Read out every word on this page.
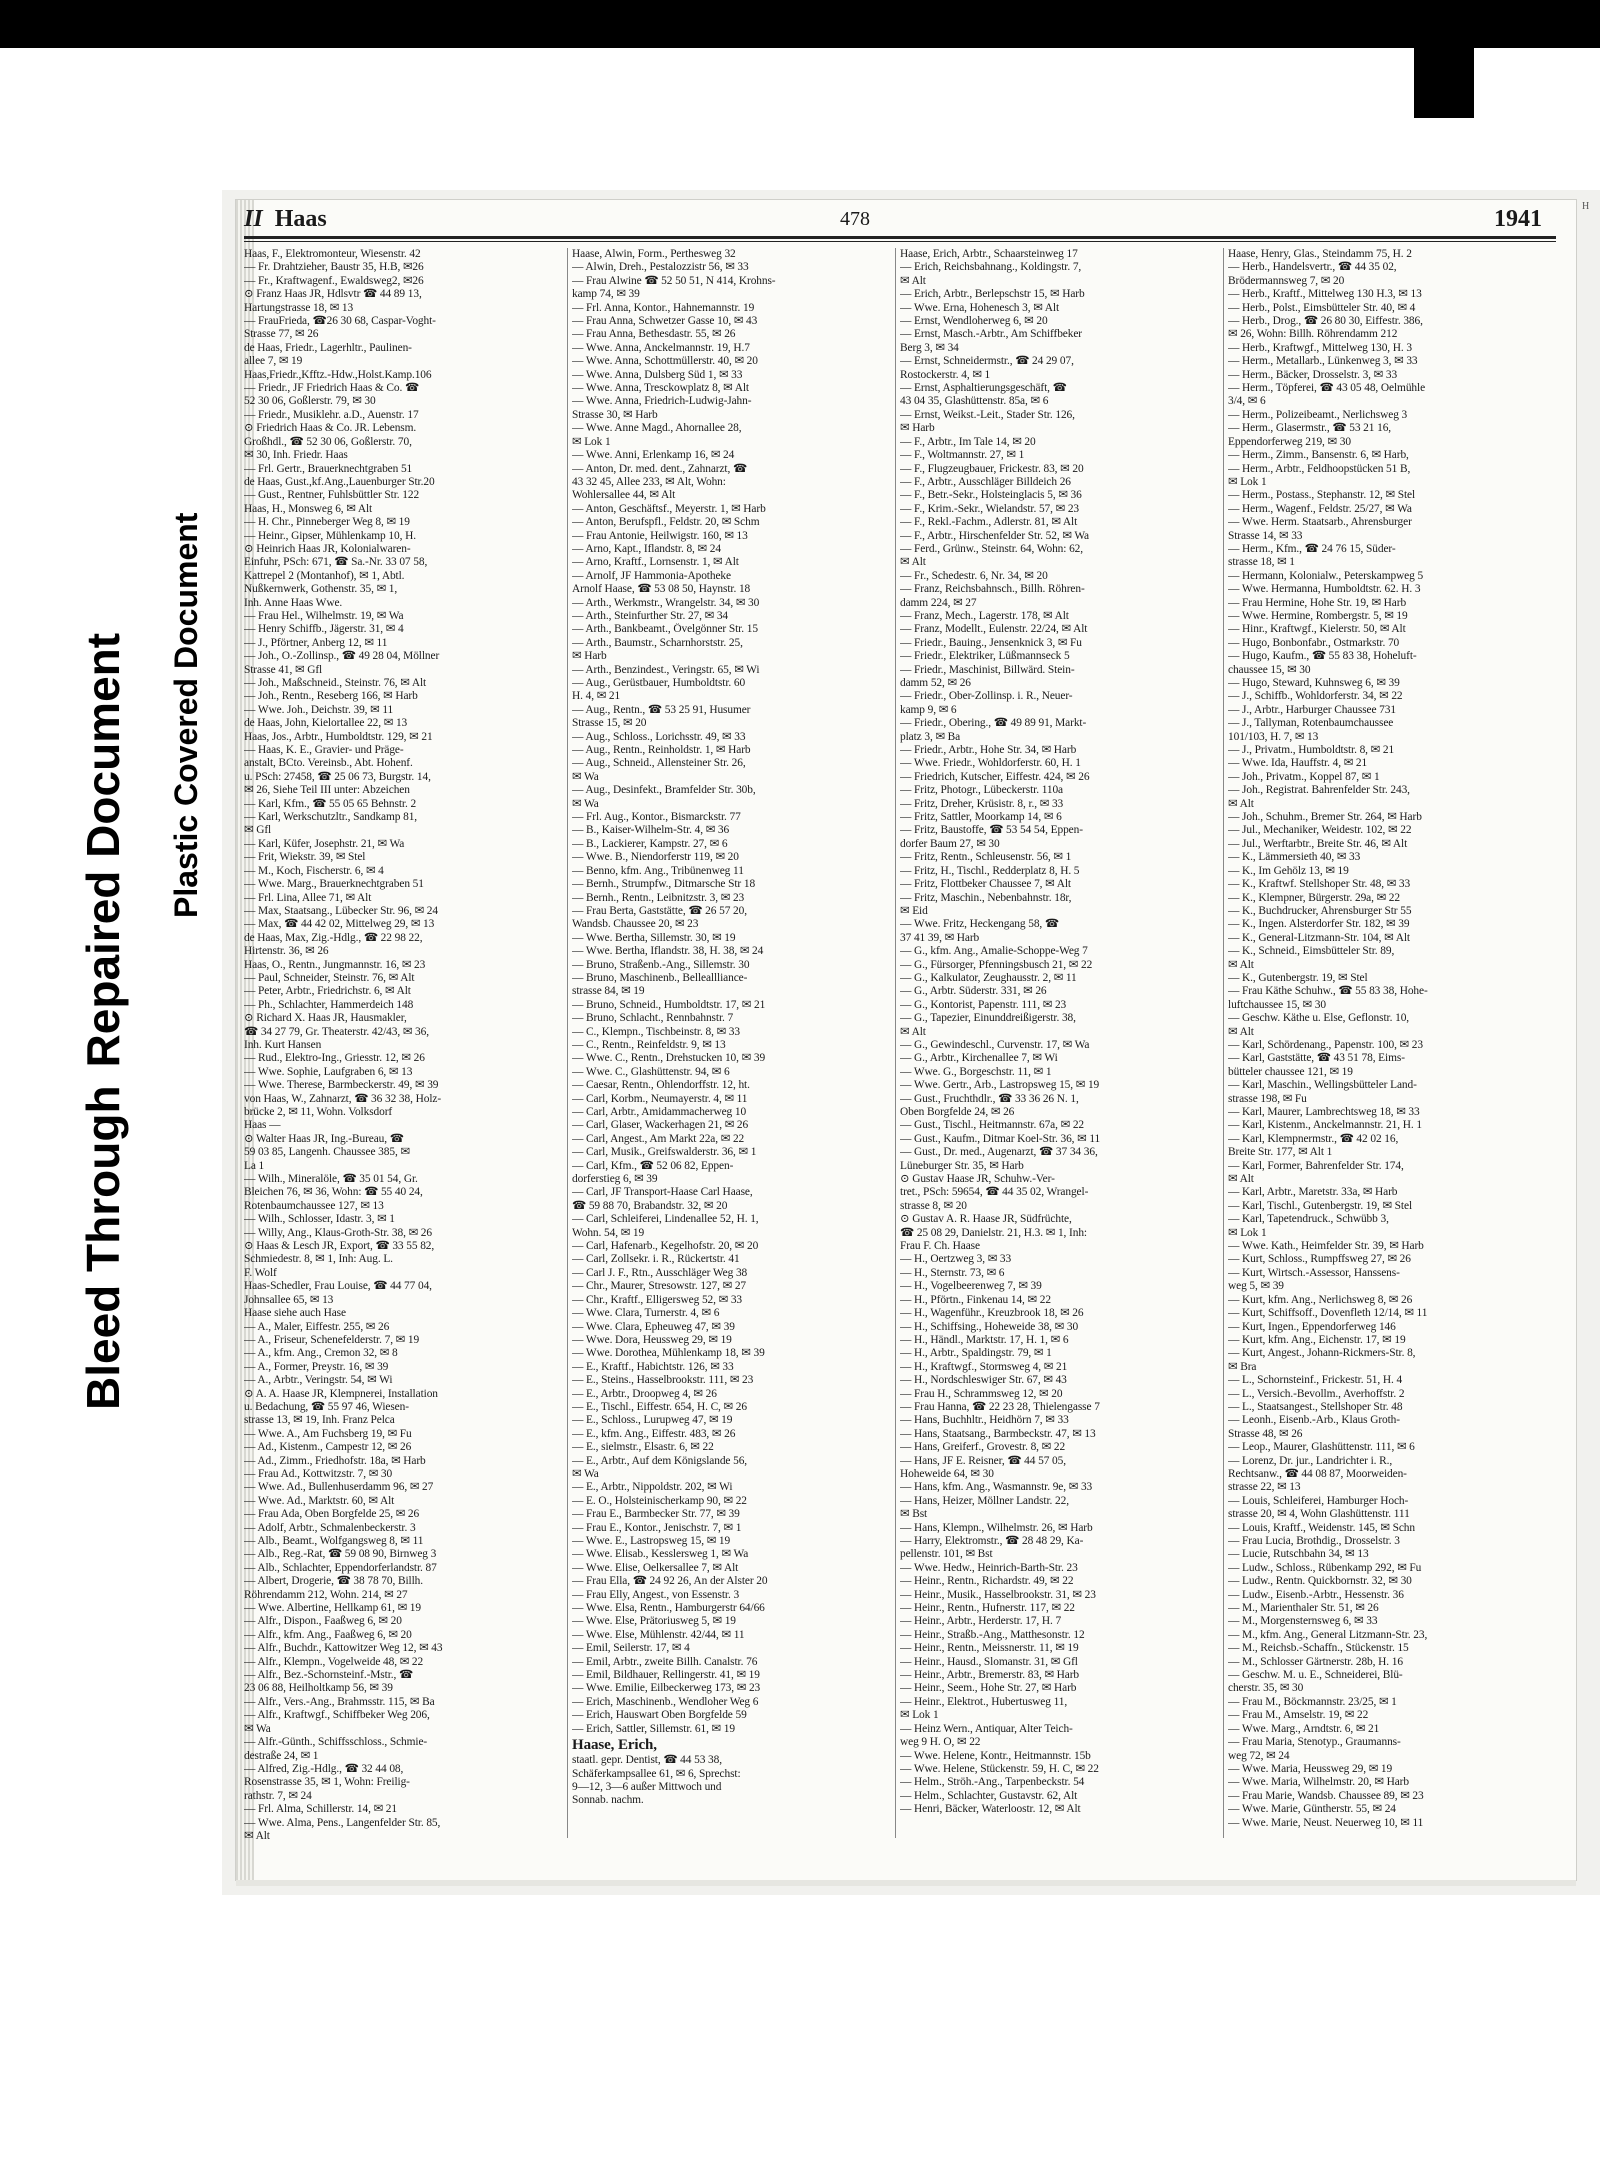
Bleed ThroughRepaired Document Plastic Covered Document
H
II Haas	478	1941
Haas, F., Elektromonteur, Wiesenstr. 42
— Fr. Drahtzieher, Baustr 35, H.B, ✉26
— Fr., Kraftwagenf., Ewaldsweg2, ✉26
⊙ Franz Haas JR, Hdlsvtr ☎ 44 89 13,
Hartungstrasse 18, ✉ 13
— FrauFrieda, ☎26 30 68, Caspar-Voght-
Strasse 77, ✉ 26
de Haas, Friedr., Lagerhltr., Paulinen-
allee 7, ✉ 19
Haas,Friedr.,Kfftz.-Hdw.,Holst.Kamp.106
— Friedr., JF Friedrich Haas & Co. ☎
52 30 06, Goßlerstr. 79, ✉ 30
— Friedr., Musiklehr. a.D., Auenstr. 17
⊙ Friedrich Haas & Co. JR. Lebensm.
Großhdl., ☎ 52 30 06, Goßlerstr. 70,
✉ 30, Inh. Friedr. Haas
— Frl. Gertr., Brauerknechtgraben 51
de Haas, Gust.,kf.Ang.,Lauenburger Str.20
— Gust., Rentner, Fuhlsbüttler Str. 122
Haas, H., Monsweg 6, ✉ Alt
— H. Chr., Pinneberger Weg 8, ✉ 19
— Heinr., Gipser, Mühlenkamp 10, H.
⊙ Heinrich Haas JR, Kolonialwaren-
Einfuhr, PSch: 671, ☎ Sa.-Nr. 33 07 58,
Kattrepel 2 (Montanhof), ✉ 1, Abtl.
Nußkernwerk, Gothenstr. 35, ✉ 1,
Inh. Anne Haas Wwe.
— Frau Hel., Wilhelmstr. 19, ✉ Wa
— Henry Schiffb., Jägerstr. 31, ✉ 4
— J., Pförtner, Anberg 12, ✉ 11
— Joh., O.-Zollinsp., ☎ 49 28 04, Möllner
Strasse 41, ✉ Gfl
— Joh., Maßschneid., Steinstr. 76, ✉ Alt
— Joh., Rentn., Reseberg 166, ✉ Harb
— Wwe. Joh., Deichstr. 39, ✉ 11
de Haas, John, Kielortallee 22, ✉ 13
Haas, Jos., Arbtr., Humboldtstr. 129, ✉ 21
— Haas, K. E., Gravier- und Präge-
anstalt, BCto. Vereinsb., Abt. Hohenf.
u. PSch: 27458, ☎ 25 06 73, Burgstr. 14,
✉ 26, Siehe Teil III unter: Abzeichen
— Karl, Kfm., ☎ 55 05 65 Behnstr. 2
— Karl, Werkschutzltr., Sandkamp 81,
✉ Gfl
— Karl, Küfer, Josephstr. 21, ✉ Wa
— Frit, Wiekstr. 39, ✉ Stel
— M., Koch, Fischerstr. 6, ✉ 4
— Wwe. Marg., Brauerknechtgraben 51
— Frl. Lina, Allee 71, ✉ Alt
— Max, Staatsang., Lübecker Str. 96, ✉ 24
— Max, ☎ 44 42 02, Mittelweg 29, ✉ 13
de Haas, Max, Zig.-Hdlg., ☎ 22 98 22,
Hirtenstr. 36, ✉ 26
Haas, O., Rentn., Jungmannstr. 16, ✉ 23
— Paul, Schneider, Steinstr. 76, ✉ Alt
— Peter, Arbtr., Friedrichstr. 6, ✉ Alt
— Ph., Schlachter, Hammerdeich 148
⊙ Richard X. Haas JR, Hausmakler,
☎ 34 27 79, Gr. Theaterstr. 42/43, ✉ 36,
Inh. Kurt Hansen
— Rud., Elektro-Ing., Griesstr. 12, ✉ 26
— Wwe. Sophie, Laufgraben 6, ✉ 13
— Wwe. Therese, Barmbeckerstr. 49, ✉ 39
von Haas, W., Zahnarzt, ☎ 36 32 38, Holz-
brücke 2, ✉ 11, Wohn. Volksdorf
Haas —
⊙ Walter Haas JR, Ing.-Bureau, ☎
59 03 85, Langenh. Chaussee 385, ✉
La 1
— Wilh., Mineralöle, ☎ 35 01 54, Gr.
Bleichen 76, ✉ 36, Wohn: ☎ 55 40 24,
Rotenbaumchaussee 127, ✉ 13
— Wilh., Schlosser, Idastr. 3, ✉ 1
— Willy, Ang., Klaus-Groth-Str. 38, ✉ 26
⊙ Haas & Lesch JR, Export, ☎ 33 55 82,
Schmiedestr. 8, ✉ 1, Inh: Aug. L.
F. Wolf
Haas-Schedler, Frau Louise, ☎ 44 77 04,
Johnsallee 65, ✉ 13
Haase siehe auch Hase
— A., Maler, Eiffestr. 255, ✉ 26
— A., Friseur, Schenefelderstr. 7, ✉ 19
— A., kfm. Ang., Cremon 32, ✉ 8
— A., Former, Preystr. 16, ✉ 39
— A., Arbtr., Veringstr. 54, ✉ Wi
⊙ A. A. Haase JR, Klempnerei, Installation
u. Bedachung, ☎ 55 97 46, Wiesen-
strasse 13, ✉ 19, Inh. Franz Pelca
— Wwe. A., Am Fuchsberg 19, ✉ Fu
— Ad., Kistenm., Campestr 12, ✉ 26
— Ad., Zimm., Friedhofstr. 18a, ✉ Harb
— Frau Ad., Kottwitzstr. 7, ✉ 30
— Wwe. Ad., Bullenhuserdamm 96, ✉ 27
— Wwe. Ad., Marktstr. 60, ✉ Alt
— Frau Ada, Oben Borgfelde 25, ✉ 26
— Adolf, Arbtr., Schmalenbeckerstr. 3
— Alb., Beamt., Wolfgangsweg 8, ✉ 11
— Alb., Reg.-Rat, ☎ 59 08 90, Birnweg 3
— Alb., Schlachter, Eppendorferlandstr. 87
— Albert, Drogerie, ☎ 38 78 70, Billh.
Röhrendamm 212, Wohn. 214, ✉ 27
— Wwe. Albertine, Hellkamp 61, ✉ 19
— Alfr., Dispon., Faaßweg 6, ✉ 20
— Alfr., kfm. Ang., Faaßweg 6, ✉ 20
— Alfr., Buchdr., Kattowitzer Weg 12, ✉ 43
— Alfr., Klempn., Vogelweide 48, ✉ 22
— Alfr., Bez.-Schornsteinf.-Mstr., ☎
23 06 88, Heilholtkamp 56, ✉ 39
— Alfr., Vers.-Ang., Brahmsstr. 115, ✉ Ba
— Alfr., Kraftwgf., Schiffbeker Weg 206,
✉ Wa
— Alfr.-Günth., Schiffsschloss., Schmie-
destraße 24, ✉ 1
— Alfred, Zig.-Hdlg., ☎ 32 44 08,
Rosenstrasse 35, ✉ 1, Wohn: Freilig-
rathstr. 7, ✉ 24
— Frl. Alma, Schillerstr. 14, ✉ 21
— Wwe. Alma, Pens., Langenfelder Str. 85,
✉ Alt
Haase, Alwin, Form., Perthesweg 32
— Alwin, Dreh., Pestalozzistr 56, ✉ 33
— Frau Alwine ☎ 52 50 51, N 414, Krohns-
kamp 74, ✉ 39
— Frl. Anna, Kontor., Hahnemannstr. 19
— Frau Anna, Schwetzer Gasse 10, ✉ 43
— Frau Anna, Bethesdastr. 55, ✉ 26
— Wwe. Anna, Anckelmannstr. 19, H.7
— Wwe. Anna, Schottmüllerstr. 40, ✉ 20
— Wwe. Anna, Dulsberg Süd 1, ✉ 33
— Wwe. Anna, Tresckowplatz 8, ✉ Alt
— Wwe. Anna, Friedrich-Ludwig-Jahn-
Strasse 30, ✉ Harb
— Wwe. Anne Magd., Ahornallee 28,
✉ Lok 1
— Wwe. Anni, Erlenkamp 16, ✉ 24
— Anton, Dr. med. dent., Zahnarzt, ☎
43 32 45, Allee 233, ✉ Alt, Wohn:
Wohlersallee 44, ✉ Alt
— Anton, Geschäftsf., Meyerstr. 1, ✉ Harb
— Anton, Berufspfl., Feldstr. 20, ✉ Schm
— Frau Antonie, Heilwigstr. 160, ✉ 13
— Arno, Kapt., Iflandstr. 8, ✉ 24
— Arno, Kraftf., Lornsenstr. 1, ✉ Alt
— Arnolf, JF Hammonia-Apotheke
Arnolf Haase, ☎ 53 08 50, Haynstr. 18
— Arth., Werkmstr., Wrangelstr. 34, ✉ 30
— Arth., Steinfurther Str. 27, ✉ 34
— Arth., Bankbeamt., Övelgönner Str. 15
— Arth., Baumstr., Scharnhorststr. 25,
✉ Harb
— Arth., Benzindest., Veringstr. 65, ✉ Wi
— Aug., Gerüstbauer, Humboldtstr. 60
H. 4, ✉ 21
— Aug., Rentn., ☎ 53 25 91, Husumer
Strasse 15, ✉ 20
— Aug., Schloss., Lorichsstr. 49, ✉ 33
— Aug., Rentn., Reinholdstr. 1, ✉ Harb
— Aug., Schneid., Allensteiner Str. 26,
✉ Wa
— Aug., Desinfekt., Bramfelder Str. 30b,
✉ Wa
— Frl. Aug., Kontor., Bismarckstr. 77
— B., Kaiser-Wilhelm-Str. 4, ✉ 36
— B., Lackierer, Kampstr. 27, ✉ 6
— Wwe. B., Niendorferstr 119, ✉ 20
— Benno, kfm. Ang., Tribünenweg 11
— Bernh., Strumpfw., Ditmarsche Str 18
— Bernh., Rentn., Leibnitzstr. 3, ✉ 23
— Frau Berta, Gaststätte, ☎ 26 57 20,
Wandsb. Chaussee 20, ✉ 23
— Wwe. Bertha, Sillemstr. 30, ✉ 19
— Wwe. Bertha, Iflandstr. 38, H. 38, ✉ 24
— Bruno, Straßenb.-Ang., Sillemstr. 30
— Bruno, Maschinenb., Belleallliance-
strasse 84, ✉ 19
— Bruno, Schneid., Humboldtstr. 17, ✉ 21
— Bruno, Schlacht., Rennbahnstr. 7
— C., Klempn., Tischbeinstr. 8, ✉ 33
— C., Rentn., Reinfeldstr. 9, ✉ 13
— Wwe. C., Rentn., Drehstucken 10, ✉ 39
— Wwe. C., Glashüttenstr. 94, ✉ 6
— Caesar, Rentn., Ohlendorffstr. 12, ht.
— Carl, Korbm., Neumayerstr. 4, ✉ 11
— Carl, Arbtr., Amidammacherweg 10
— Carl, Glaser, Wackerhagen 21, ✉ 26
— Carl, Angest., Am Markt 22a, ✉ 22
— Carl, Musik., Greifswalderstr. 36, ✉ 1
— Carl, Kfm., ☎ 52 06 82, Eppen-
dorferstieg 6, ✉ 39
— Carl, JF Transport-Haase Carl Haase,
☎ 59 88 70, Brabandstr. 32, ✉ 20
— Carl, Schleiferei, Lindenallee 52, H. 1,
Wohn. 54, ✉ 19
— Carl, Hafenarb., Kegelhofstr. 20, ✉ 20
— Carl, Zollsekr. i. R., Rückertstr. 41
— Carl J. F., Rtn., Ausschläger Weg 38
— Chr., Maurer, Stresowstr. 127, ✉ 27
— Chr., Kraftf., Elligersweg 52, ✉ 33
— Wwe. Clara, Turnerstr. 4, ✉ 6
— Wwe. Clara, Epheuweg 47, ✉ 39
— Wwe. Dora, Heussweg 29, ✉ 19
— Wwe. Dorothea, Mühlenkamp 18, ✉ 39
— E., Kraftf., Habichtstr. 126, ✉ 33
— E., Steins., Hasselbrookstr. 111, ✉ 23
— E., Arbtr., Droopweg 4, ✉ 26
— E., Tischl., Eiffestr. 654, H. C, ✉ 26
— E., Schloss., Lurupweg 47, ✉ 19
— E., kfm. Ang., Eiffestr. 483, ✉ 26
— E., sielmstr., Elsastr. 6, ✉ 22
— E., Arbtr., Auf dem Königslande 56,
✉ Wa
— E., Arbtr., Nippoldstr. 202, ✉ Wi
— E. O., Holsteinischerkamp 90, ✉ 22
— Frau E., Barmbecker Str. 77, ✉ 39
— Frau E., Kontor., Jenischstr. 7, ✉ 1
— Wwe. E., Lastropsweg 15, ✉ 19
— Wwe. Elisab., Kesslersweg 1, ✉ Wa
— Wwe. Elise, Oelkersallee 7, ✉ Alt
— Frau Ella, ☎ 24 92 26, An der Alster 20
— Frau Elly, Angest., von Essenstr. 3
— Wwe. Elsa, Rentn., Hamburgerstr 64/66
— Wwe. Else, Prätoriusweg 5, ✉ 19
— Wwe. Else, Mühlenstr. 42/44, ✉ 11
— Emil, Seilerstr. 17, ✉ 4
— Emil, Arbtr., zweite Billh. Canalstr. 76
— Emil, Bildhauer, Rellingerstr. 41, ✉ 19
— Wwe. Emilie, Eilbeckerweg 173, ✉ 23
— Erich, Maschinenb., Wendloher Weg 6
— Erich, Hauswart Oben Borgfelde 59
— Erich, Sattler, Sillemstr. 61, ✉ 19
Haase, Erich,
staatl. gepr. Dentist, ☎ 44 53 38,
Schäferkampsallee 61, ✉ 6, Sprechst:
9—12, 3—6 außer Mittwoch und
Sonnab. nachm.
Haase, Erich, Arbtr., Schaarsteinweg 17
— Erich, Reichsbahnang., Koldingstr. 7,
✉ Alt
— Erich, Arbtr., Berlepschstr 15, ✉ Harb
— Wwe. Erna, Hohenesch 3, ✉ Alt
— Ernst, Wendloherweg 6, ✉ 20
— Ernst, Masch.-Arbtr., Am Schiffbeker
Berg 3, ✉ 34
— Ernst, Schneidermstr., ☎ 24 29 07,
Rostockerstr. 4, ✉ 1
— Ernst, Asphaltierungsgeschäft, ☎
43 04 35, Glashüttenstr. 85a, ✉ 6
— Ernst, Weikst.-Leit., Stader Str. 126,
✉ Harb
— F., Arbtr., Im Tale 14, ✉ 20
— F., Woltmannstr. 27, ✉ 1
— F., Flugzeugbauer, Frickestr. 83, ✉ 20
— F., Arbtr., Ausschläger Billdeich 26
— F., Betr.-Sekr., Holsteinglacis 5, ✉ 36
— F., Krim.-Sekr., Wielandstr. 57, ✉ 23
— F., Rekl.-Fachm., Adlerstr. 81, ✉ Alt
— F., Arbtr., Hirschenfelder Str. 52, ✉ Wa
— Ferd., Grünw., Steinstr. 64, Wohn: 62,
✉ Alt
— Fr., Schedestr. 6, Nr. 34, ✉ 20
— Franz, Reichsbahnsch., Billh. Röhren-
damm 224, ✉ 27
— Franz, Mech., Lagerstr. 178, ✉ Alt
— Franz, Modellt., Eulenstr. 22/24, ✉ Alt
— Friedr., Bauing., Jensenknick 3, ✉ Fu
— Friedr., Elektriker, Lüßmannseck 5
— Friedr., Maschinist, Billwärd. Stein-
damm 52, ✉ 26
— Friedr., Ober-Zollinsp. i. R., Neuer-
kamp 9, ✉ 6
— Friedr., Obering., ☎ 49 89 91, Markt-
platz 3, ✉ Ba
— Friedr., Arbtr., Hohe Str. 34, ✉ Harb
— Wwe. Friedr., Wohldorferstr. 60, H. 1
— Friedrich, Kutscher, Eiffestr. 424, ✉ 26
— Fritz, Photogr., Lübeckerstr. 110a
— Fritz, Dreher, Krüsistr. 8, r., ✉ 33
— Fritz, Sattler, Moorkamp 14, ✉ 6
— Fritz, Baustoffe, ☎ 53 54 54, Eppen-
dorfer Baum 27, ✉ 30
— Fritz, Rentn., Schleusenstr. 56, ✉ 1
— Fritz, H., Tischl., Redderplatz 8, H. 5
— Fritz, Flottbeker Chaussee 7, ✉ Alt
— Fritz, Maschin., Nebenbahnstr. 18r,
✉ Eid
— Wwe. Fritz, Heckengang 58, ☎
37 41 39, ✉ Harb
— G., kfm. Ang., Amalie-Schoppe-Weg 7
— G., Fürsorger, Pfenningsbusch 21, ✉ 22
— G., Kalkulator, Zeughausstr. 2, ✉ 11
— G., Arbtr. Süderstr. 331, ✉ 26
— G., Kontorist, Papenstr. 111, ✉ 23
— G., Tapezier, Einunddreißigerstr. 38,
✉ Alt
— G., Gewindeschl., Curvenstr. 17, ✉ Wa
— G., Arbtr., Kirchenallee 7, ✉ Wi
— Wwe. G., Borgeschstr. 11, ✉ 1
— Wwe. Gertr., Arb., Lastropsweg 15, ✉ 19
— Gust., Fruchthdlr., ☎ 33 36 26 N. 1,
Oben Borgfelde 24, ✉ 26
— Gust., Tischl., Heitmannstr. 67a, ✉ 22
— Gust., Kaufm., Ditmar Koel-Str. 36, ✉ 11
— Gust., Dr. med., Augenarzt, ☎ 37 34 36,
Lüneburger Str. 35, ✉ Harb
⊙ Gustav Haase JR, Schuhw.-Ver-
tret., PSch: 59654, ☎ 44 35 02, Wrangel-
strasse 8, ✉ 20
⊙ Gustav A. R. Haase JR, Südfrüchte,
☎ 25 08 29, Danielstr. 21, H.3. ✉ 1, Inh:
Frau F. Ch. Haase
— H., Oertzweg 3, ✉ 33
— H., Sternstr. 73, ✉ 6
— H., Vogelbeerenweg 7, ✉ 39
— H., Pförtn., Finkenau 14, ✉ 22
— H., Wagenführ., Kreuzbrook 18, ✉ 26
— H., Schiffsing., Hoheweide 38, ✉ 30
— H., Händl., Marktstr. 17, H. 1, ✉ 6
— H., Arbtr., Spaldingstr. 79, ✉ 1
— H., Kraftwgf., Stormsweg 4, ✉ 21
— H., Nordschleswiger Str. 67, ✉ 43
— Frau H., Schrammsweg 12, ✉ 20
— Frau Hanna, ☎ 22 23 28, Thielengasse 7
— Hans, Buchhltr., Heidhörn 7, ✉ 33
— Hans, Staatsang., Barmbeckstr. 47, ✉ 13
— Hans, Greiferf., Grovestr. 8, ✉ 22
— Hans, JF E. Reisner, ☎ 44 57 05,
Hoheweide 64, ✉ 30
— Hans, kfm. Ang., Wasmannstr. 9e, ✉ 33
— Hans, Heizer, Möllner Landstr. 22,
✉ Bst
— Hans, Klempn., Wilhelmstr. 26, ✉ Harb
— Harry, Elektromstr., ☎ 28 48 29, Ka-
pellenstr. 101, ✉ Bst
— Wwe. Hedw., Heinrich-Barth-Str. 23
— Heinr., Rentn., Richardstr. 49, ✉ 22
— Heinr., Musik., Hasselbrookstr. 31, ✉ 23
— Heinr., Rentn., Hufnerstr. 117, ✉ 22
— Heinr., Arbtr., Herderstr. 17, H. 7
— Heinr., Straßb.-Ang., Matthesonstr. 12
— Heinr., Rentn., Meissnerstr. 11, ✉ 19
— Heinr., Hausd., Slomanstr. 31, ✉ Gfl
— Heinr., Arbtr., Bremerstr. 83, ✉ Harb
— Heinr., Seem., Hohe Str. 27, ✉ Harb
— Heinr., Elektrot., Hubertusweg 11,
✉ Lok 1
— Heinz Wern., Antiquar, Alter Teich-
weg 9 H. O, ✉ 22
— Wwe. Helene, Kontr., Heitmannstr. 15b
— Wwe. Helene, Stückenstr. 59, H. C, ✉ 22
— Helm., Ströh.-Ang., Tarpenbeckstr. 54
— Helm., Schlachter, Gustavstr. 62, Alt
— Henri, Bäcker, Waterloostr. 12, ✉ Alt
Haase, Henry, Glas., Steindamm 75, H. 2
— Herb., Handelsvertr., ☎ 44 35 02,
Brödermannsweg 7, ✉ 20
— Herb., Kraftf., Mittelweg 130 H.3, ✉ 13
— Herb., Polst., Eimsbütteler Str. 40, ✉ 4
— Herb., Drog., ☎ 26 80 30, Eiffestr. 386,
✉ 26, Wohn: Billh. Röhrendamm 212
— Herb., Kraftwgf., Mittelweg 130, H. 3
— Herm., Metallarb., Lünkenweg 3, ✉ 33
— Herm., Bäcker, Drosselstr. 3, ✉ 33
— Herm., Töpferei, ☎ 43 05 48, Oelmühle
3/4, ✉ 6
— Herm., Polizeibeamt., Nerlichsweg 3
— Herm., Glasermstr., ☎ 53 21 16,
Eppendorferweg 219, ✉ 30
— Herm., Zimm., Bansenstr. 6, ✉ Harb,
— Herm., Arbtr., Feldhoopstücken 51 B,
✉ Lok 1
— Herm., Postass., Stephanstr. 12, ✉ Stel
— Herm., Wagenf., Feldstr. 25/27, ✉ Wa
— Wwe. Herm. Staatsarb., Ahrensburger
Strasse 14, ✉ 33
— Herm., Kfm., ☎ 24 76 15, Süder-
strasse 18, ✉ 1
— Hermann, Kolonialw., Peterskampweg 5
— Wwe. Hermanna, Humboldtstr. 62. H. 3
— Frau Hermine, Hohe Str. 19, ✉ Harb
— Wwe. Hermine, Rombergstr. 5, ✉ 19
— Hinr., Kraftwgf., Kielerstr. 50, ✉ Alt
— Hugo, Bonbonfabr., Ostmarkstr. 70
— Hugo, Kaufm., ☎ 55 83 38, Hoheluft-
chaussee 15, ✉ 30
— Hugo, Steward, Kuhnsweg 6, ✉ 39
— J., Schiffb., Wohldorferstr. 34, ✉ 22
— J., Arbtr., Harburger Chaussee 731
— J., Tallyman, Rotenbaumchaussee
101/103, H. 7, ✉ 13
— J., Privatm., Humboldtstr. 8, ✉ 21
— Wwe. Ida, Hauffstr. 4, ✉ 21
— Joh., Privatm., Koppel 87, ✉ 1
— Joh., Registrat. Bahrenfelder Str. 243,
✉ Alt
— Joh., Schuhm., Bremer Str. 264, ✉ Harb
— Jul., Mechaniker, Weidestr. 102, ✉ 22
— Jul., Werftarbtr., Breite Str. 46, ✉ Alt
— K., Lämmersieth 40, ✉ 33
— K., Im Gehölz 13, ✉ 19
— K., Kraftwf. Stellshoper Str. 48, ✉ 33
— K., Klempner, Bürgerstr. 29a, ✉ 22
— K., Buchdrucker, Ahrensburger Str 55
— K., Ingen. Alsterdorfer Str. 182, ✉ 39
— K., General-Litzmann-Str. 104, ✉ Alt
— K., Schneid., Eimsbütteler Str. 89,
✉ Alt
— K., Gutenbergstr. 19, ✉ Stel
— Frau Käthe Schuhw., ☎ 55 83 38, Hohe-
luftchaussee 15, ✉ 30
— Geschw. Käthe u. Else, Geflonstr. 10,
✉ Alt
— Karl, Schördenang., Papenstr. 100, ✉ 23
— Karl, Gaststätte, ☎ 43 51 78, Eims-
bütteler chaussee 121, ✉ 19
— Karl, Maschin., Wellingsbütteler Land-
strasse 198, ✉ Fu
— Karl, Maurer, Lambrechtsweg 18, ✉ 33
— Karl, Kistenm., Anckelmannstr. 21, H. 1
— Karl, Klempnermstr., ☎ 42 02 16,
Breite Str. 177, ✉ Alt 1
— Karl, Former, Bahrenfelder Str. 174,
✉ Alt
— Karl, Arbtr., Maretstr. 33a, ✉ Harb
— Karl, Tischl., Gutenbergstr. 19, ✉ Stel
— Karl, Tapetendruck., Schwübb 3,
✉ Lok 1
— Wwe. Kath., Heimfelder Str. 39, ✉ Harb
— Kurt, Schloss., Rumpffsweg 27, ✉ 26
— Kurt, Wirtsch.-Assessor, Hanssens-
weg 5, ✉ 39
— Kurt, kfm. Ang., Nerlichsweg 8, ✉ 26
— Kurt, Schiffsoff., Dovenfleth 12/14, ✉ 11
— Kurt, Ingen., Eppendorferweg 146
— Kurt, kfm. Ang., Eichenstr. 17, ✉ 19
— Kurt, Angest., Johann-Rickmers-Str. 8,
✉ Bra
— L., Schornsteinf., Frickestr. 51, H. 4
— L., Versich.-Bevollm., Averhoffstr. 2
— L., Staatsangest., Stellshoper Str. 48
— Leonh., Eisenb.-Arb., Klaus Groth-
Strasse 48, ✉ 26
— Leop., Maurer, Glashüttenstr. 111, ✉ 6
— Lorenz, Dr. jur., Landrichter i. R.,
Rechtsanw., ☎ 44 08 87, Moorweiden-
strasse 22, ✉ 13
— Louis, Schleiferei, Hamburger Hoch-
strasse 20, ✉ 4, Wohn Glashüttenstr. 111
— Louis, Kraftf., Weidenstr. 145, ✉ Schn
— Frau Lucia, Brothdig., Drosselstr. 3
— Lucie, Rutschbahn 34, ✉ 13
— Ludw., Schloss., Rübenkamp 292, ✉ Fu
— Ludw., Rentn. Quickbornstr. 32, ✉ 30
— Ludw., Eisenb.-Arbtr., Hessenstr. 36
— M., Marienthaler Str. 51, ✉ 26
— M., Morgensternsweg 6, ✉ 33
— M., kfm. Ang., General Litzmann-Str. 23,
— M., Reichsb.-Schaffn., Stückenstr. 15
— M., Schlosser Gärtnerstr. 28b, H. 16
— Geschw. M. u. E., Schneiderei, Blü-
cherstr. 35, ✉ 30
— Frau M., Böckmannstr. 23/25, ✉ 1
— Frau M., Amselstr. 19, ✉ 22
— Wwe. Marg., Arndtstr. 6, ✉ 21
— Frau Maria, Stenotyp., Graumanns-
weg 72, ✉ 24
— Wwe. Maria, Heussweg 29, ✉ 19
— Wwe. Maria, Wilhelmstr. 20, ✉ Harb
— Frau Marie, Wandsb. Chaussee 89, ✉ 23
— Wwe. Marie, Güntherstr. 55, ✉ 24
— Wwe. Marie, Neust. Neuerweg 10, ✉ 11
